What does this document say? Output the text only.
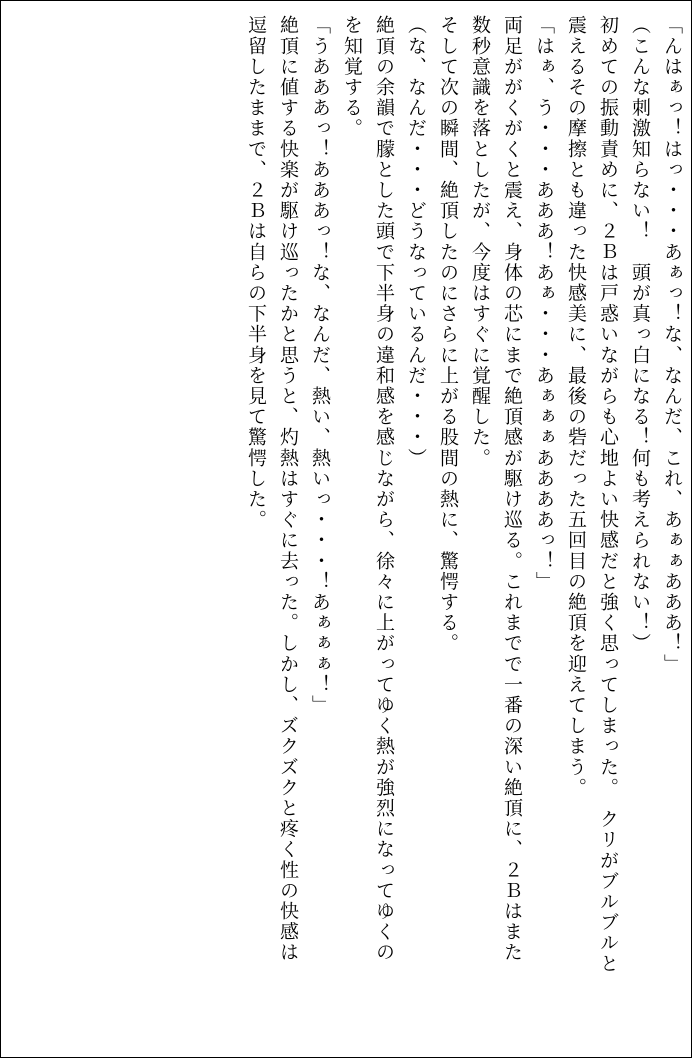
「んはぁっ！はっ・・・あぁっ！な、なんだ、これ、あぁぁあああ！」
（こんな刺激知らない！　頭が真っ白になる！何も考えられない！）
初めての振動責めに、２Ｂは戸惑いながらも心地よい快感だと強く思ってしまった。　クリがブルブルと
震えるその摩擦とも違った快感美に、最後の砦だった五回目の絶頂を迎えてしまう。
「はぁ、う・・・あああ！あぁ・・・あぁぁぁああああっ！」
両足ががくがくと震え、身体の芯にまで絶頂感が駆け巡る。これまでで一番の深い絶頂に、２Ｂはまた
数秒意識を落としたが、今度はすぐに覚醒した。
そして次の瞬間、絶頂したのにさらに上がる股間の熱に、驚愕する。
（な、なんだ・・・どうなっているんだ・・・）
絶頂の余韻で朦とした頭で下半身の違和感を感じながら、徐々に上がってゆく熱が強烈になってゆくの
を知覚する。
「うあああっ！あああっ！な、なんだ、熱い、熱いっ・・・！あぁぁぁ！」
絶頂に値する快楽が駆け巡ったかと思うと、灼熱はすぐに去った。しかし、ズクズクと疼く性の快感は
逗留したままで、２Ｂは自らの下半身を見て驚愕した。
